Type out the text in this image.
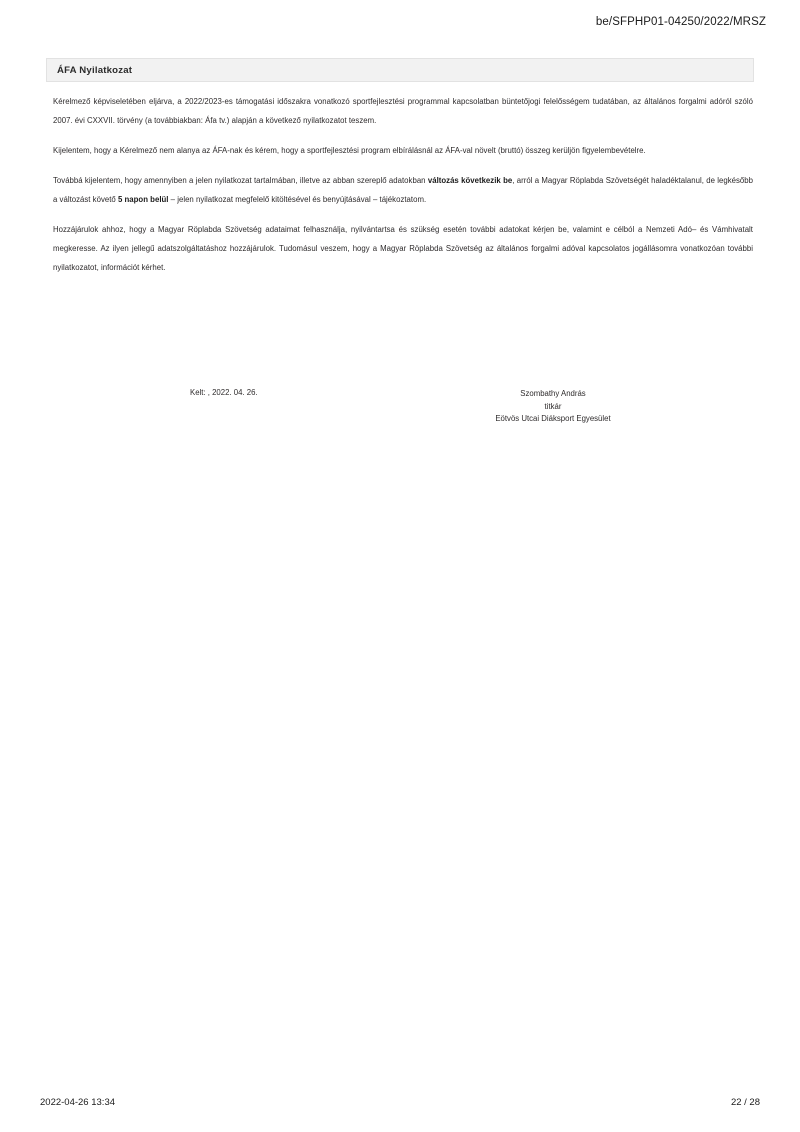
be/SFPHP01-04250/2022/MRSZ
ÁFA Nyilatkozat

Kérelmező képviseletében eljárva, a 2022/2023-es támogatási időszakra vonatkozó sportfejlesztési programmal kapcsolatban büntetőjogi felelősségem tudatában, az általános forgalmi adóról szóló 2007. évi CXXVII. törvény (a továbbiakban: Áfa tv.) alapján a következő nyilatkozatot teszem.

Kijelentem, hogy a Kérelmező nem alanya az ÁFA-nak és kérem, hogy a sportfejlesztési program elbírálásnál az ÁFA-val növelt (bruttó) összeg kerüljön figyelembevételre.

Továbbá kijelentem, hogy amennyiben a jelen nyilatkozat tartalmában, illetve az abban szereplő adatokban változás következik be, arról a Magyar Röplabda Szövetségét haladéktalanul, de legkésőbb a változást követő 5 napon belül – jelen nyilatkozat megfelelő kitöltésével és benyújtásával – tájékoztatom.

Hozzájárulok ahhoz, hogy a Magyar Röplabda Szövetség adataimat felhasználja, nyilvántartsa és szükség esetén további adatokat kérjen be, valamint e célból a Nemzeti Adó– és Vámhivatalt megkeresse. Az ilyen jellegű adatszolgáltatáshoz hozzájárulok. Tudomásul veszem, hogy a Magyar Röplabda Szövetség az általános forgalmi adóval kapcsolatos jogállásomra vonatkozóan további nyilatkozatot, információt kérhet.

Kelt: , 2022. 04. 26.	Szombathy András
titkár
Eötvös Utcai Diáksport Egyesület
2022-04-26 13:34	22 / 28
